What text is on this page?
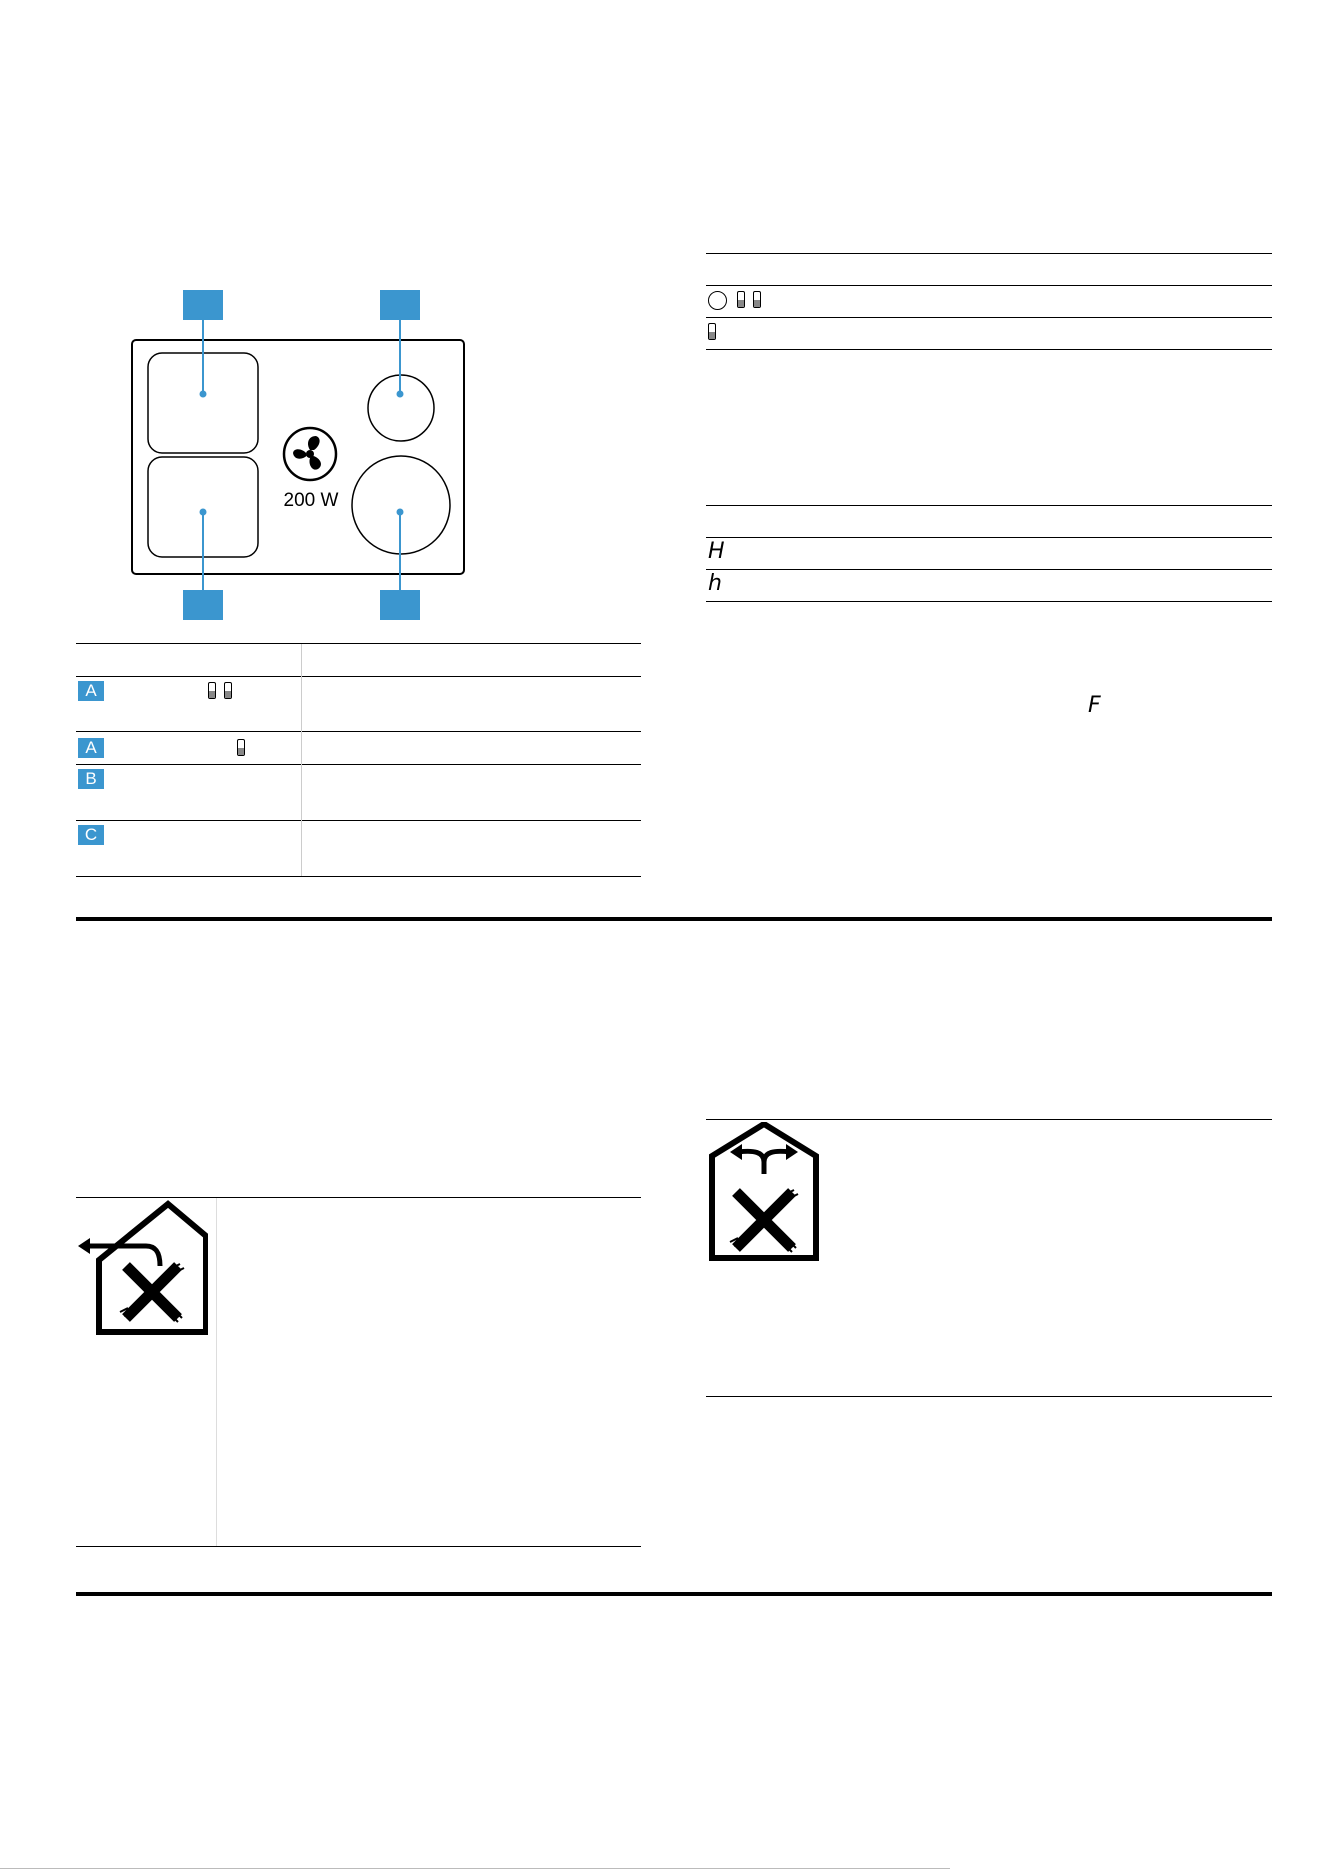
200 W
A
A
B
C
H
h
F
